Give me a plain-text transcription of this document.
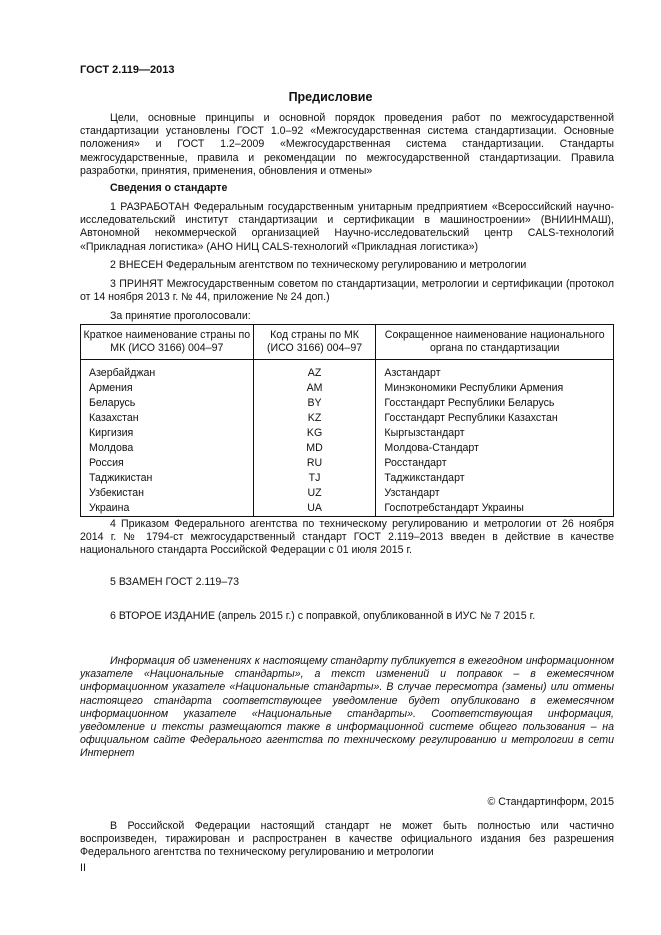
ГОСТ 2.119—2013
Предисловие
Цели, основные принципы и основной порядок проведения работ по межгосударственной стандартизации установлены ГОСТ 1.0–92 «Межгосударственная система стандартизации. Основные положения» и ГОСТ 1.2–2009 «Межгосударственная система стандартизации. Стандарты межгосударственные, правила и рекомендации по межгосударственной стандартизации. Правила разработки, принятия, применения, обновления и отмены»
Сведения о стандарте
1 РАЗРАБОТАН Федеральным государственным унитарным предприятием «Всероссийский научно-исследовательский институт стандартизации и сертификации в машиностроении» (ВНИИНМАШ), Автономной некоммерческой организацией Научно-исследовательский центр CALS-технологий «Прикладная логистика» (АНО НИЦ CALS-технологий «Прикладная логистика»)
2 ВНЕСЕН Федеральным агентством по техническому регулированию и метрологии
3 ПРИНЯТ Межгосударственным советом по стандартизации, метрологии и сертификации (протокол от 14 ноября 2013 г. № 44, приложение № 24 доп.)
За принятие проголосовали:
Краткое наименование страны по МК (ИСО 3166) 004–97	Код страны по МК (ИСО 3166) 004–97	Сокращенное наименование национального органа по стандартизации
Азербайджан	AZ	Азстандарт
Армения	AM	Минэкономики Республики Армения
Беларусь	BY	Госстандарт Республики Беларусь
Казахстан	KZ	Госстандарт Республики Казахстан
Киргизия	KG	Кыргызстандарт
Молдова	MD	Молдова-Стандарт
Россия	RU	Росстандарт
Таджикистан	TJ	Таджикстандарт
Узбекистан	UZ	Узстандарт
Украина	UA	Госпотребстандарт Украины
4 Приказом Федерального агентства по техническому регулированию и метрологии от 26 ноября 2014 г. № 1794-ст межгосударственный стандарт ГОСТ 2.119–2013 введен в действие в качестве национального стандарта Российской Федерации с 01 июля 2015 г.
5 ВЗАМЕН ГОСТ 2.119–73
6 ВТОРОЕ ИЗДАНИЕ (апрель 2015 г.) с поправкой, опубликованной в ИУС № 7 2015 г.
Информация об изменениях к настоящему стандарту публикуется в ежегодном информационном указателе «Национальные стандарты», а текст изменений и поправок – в ежемесячном информационном указателе «Национальные стандарты». В случае пересмотра (замены) или отмены настоящего стандарта соответствующее уведомление будет опубликовано в ежемесячном информационном указателе «Национальные стандарты». Соответствующая информация, уведомление и тексты размещаются также в информационной системе общего пользования – на официальном сайте Федерального агентства по техническому регулированию и метрологии в сети Интернет
© Стандартинформ, 2015
В Российской Федерации настоящий стандарт не может быть полностью или частично воспроизведен, тиражирован и распространен в качестве официального издания без разрешения Федерального агентства по техническому регулированию и метрологии
II
